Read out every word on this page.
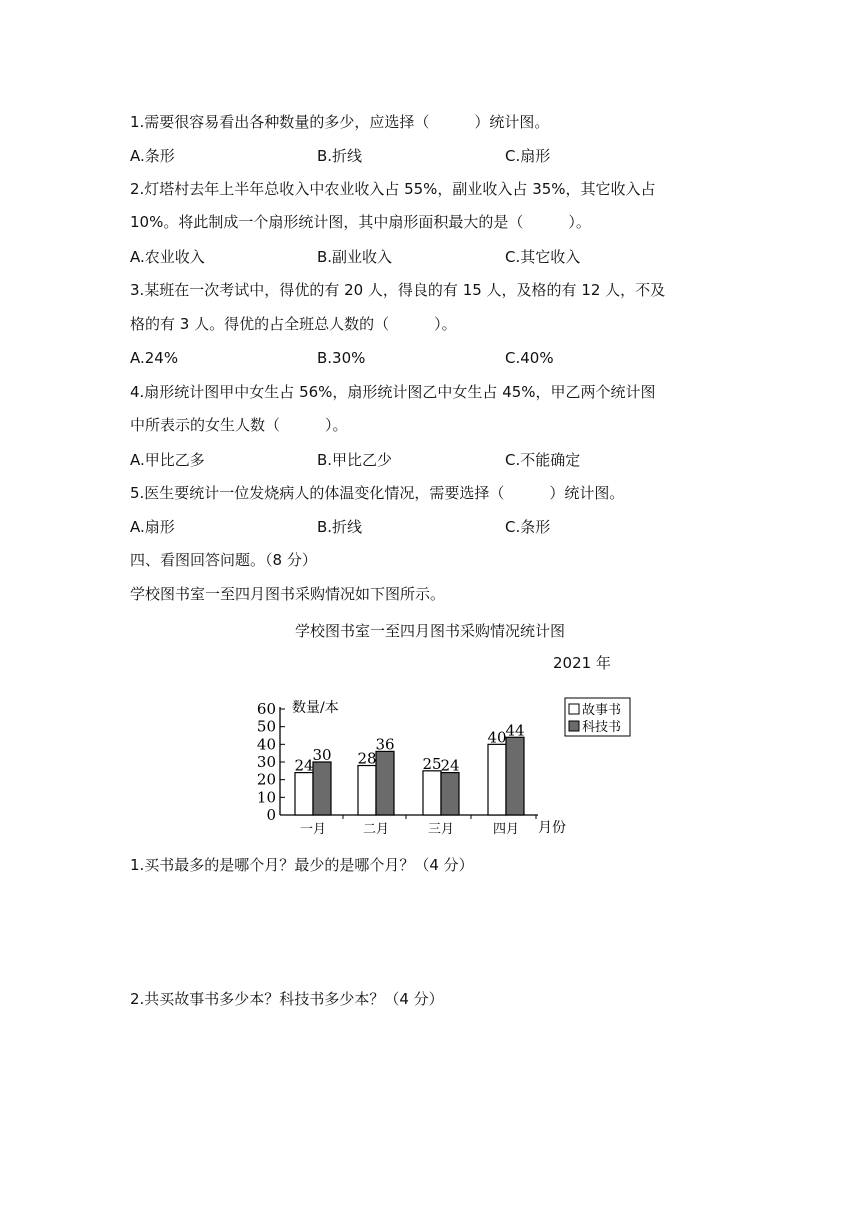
1.需要很容易看出各种数量的多少，应选择（　　　）统计图。
A.条形	B.折线	C.扇形
2.灯塔村去年上半年总收入中农业收入占 55%，副业收入占 35%，其它收入占
10%。将此制成一个扇形统计图，其中扇形面积最大的是（　　　）。
A.农业收入	B.副业收入	C.其它收入
3.某班在一次考试中，得优的有 20 人，得良的有 15 人，及格的有 12 人，不及
格的有 3 人。得优的占全班总人数的（　　　）。
A.24%	B.30%	C.40%
4.扇形统计图甲中女生占 56%，扇形统计图乙中女生占 45%，甲乙两个统计图
中所表示的女生人数（　　　）。
A.甲比乙多	B.甲比乙少	C.不能确定
5.医生要统计一位发烧病人的体温变化情况，需要选择（　　　）统计图。
A.扇形	B.折线	C.条形
四、看图回答问题。（8 分）
学校图书室一至四月图书采购情况如下图所示。
学校图书室一至四月图书采购情况统计图
2021 年
0
10
20
30
40
50
60
24
30 28
36
25
24
40
44
一月	二月	三月	四月
数量/本
月份
故事书
科技书
1.买书最多的是哪个月？最少的是哪个月？（4 分）
2.共买故事书多少本？科技书多少本？（4 分）
